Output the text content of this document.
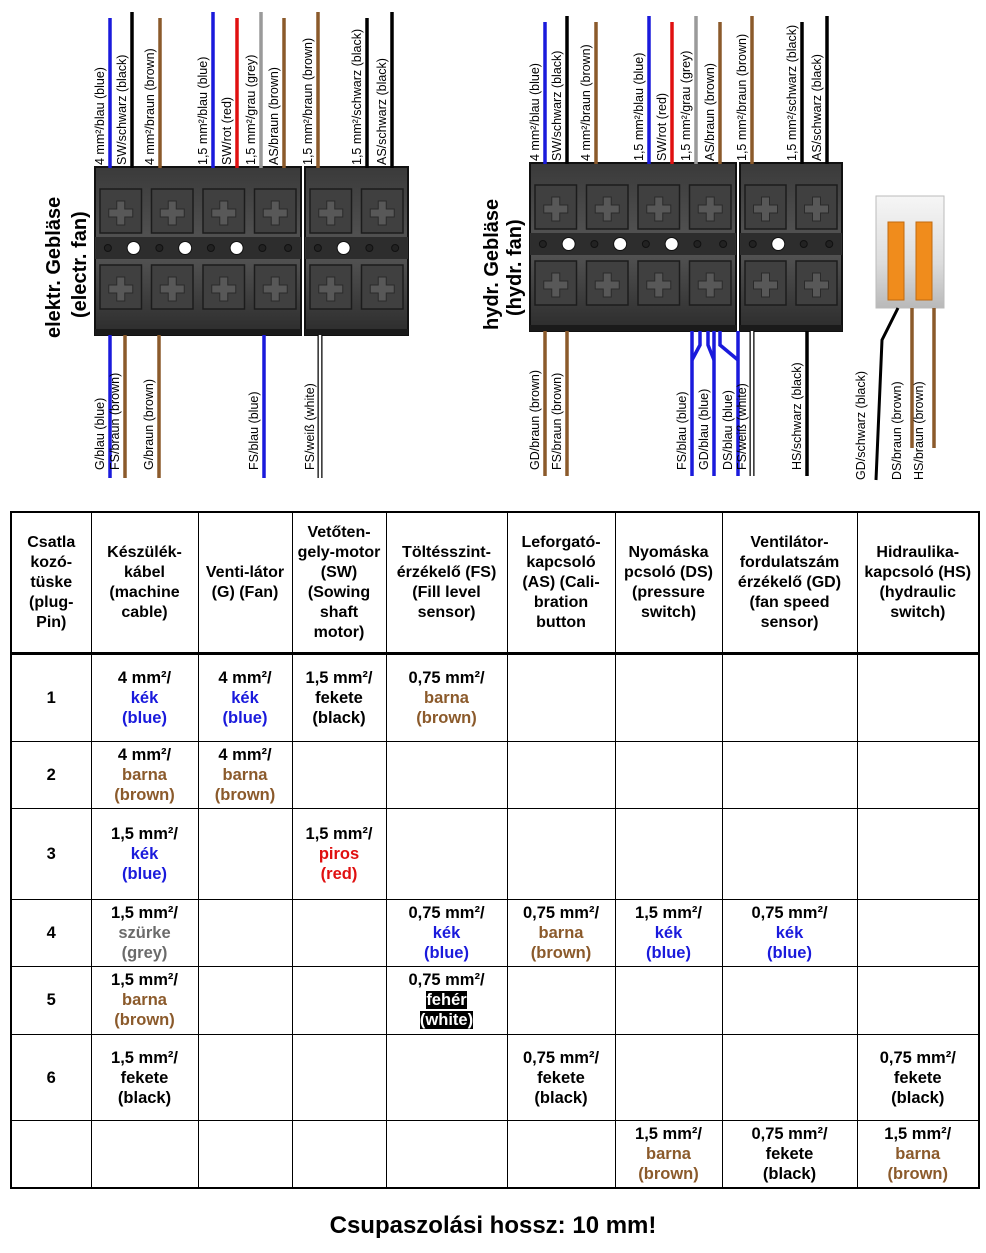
4 mm²/blau (blue) SW/schwarz (black) 4 mm²/braun (brown)	1,5 mm²/blau (blue) SW/rot (red) 1,5 mm²/grau (grey) AS/braun (brown) 1,5 mm²/braun (brown)	1,5 mm²/schwarz (black) AS/schwarz (black)
G/blau (blue) FS/braun (brown) G/braun (brown)	FS/blau (blue)	FS/weiß (white)
4 mm²/blau (blue) SW/schwarz (black) 4 mm²/braun (brown)	1,5 mm²/blau (blue) SW/rot (red) 1,5 mm²/grau (grey) AS/braun (brown) 1,5 mm²/braun (brown)	1,5 mm²/schwarz (black) AS/schwarz (black)
GD/braun (brown) FS/braun (brown)	FS/blau (blue) GD/blau (blue) DS/blau (blue) FS/weiß (white)	HS/schwarz (black)	GD/schwarz (black) DS/braun (brown) HS/braun (brown)
elektr. Gebläse (electr. fan)	hydr. Gebläse (hydr. fan)
Csatla kozó-tüske (plug-Pin)	Készülék-kábel (machine cable)	Venti-látor (G) (Fan)	Vetőten-gely-motor (SW) (Sowing shaft motor)	Töltésszint-érzékelő (FS) (Fill level sensor)	Leforgató-kapcsoló (AS) (Cali-bration button	Nyomáska pcsoló (DS) (pressure switch)	Ventilátor-fordulatszám érzékelő (GD) (fan speed sensor)	Hidraulika-kapcsoló (HS) (hydraulic switch)
1	4 mm²/
kék
(blue)	4 mm²/
kék
(blue)	1,5 mm²/
fekete
(black)	0,75 mm²/
barna
(brown)				

2	4 mm²/
barna
(brown)	4 mm²/
barna
(brown)						

3	1,5 mm²/
kék
(blue)		1,5 mm²/
piros
(red)					

4	1,5 mm²/
szürke
(grey)			0,75 mm²/
kék
(blue)	0,75 mm²/
barna
(brown)	1,5 mm²/
kék
(blue)	0,75 mm²/
kék
(blue)	

5	1,5 mm²/
barna
(brown)			0,75 mm²/
fehér
(white)				
6	1,5 mm²/
fekete
(black)				0,75 mm²/
fekete
(black)			0,75 mm²/
fekete
(black)

						1,5 mm²/
barna
(brown)	0,75 mm²/
fekete
(black)	1,5 mm²/
barna
(brown)
Csupaszolási hossz: 10 mm!
